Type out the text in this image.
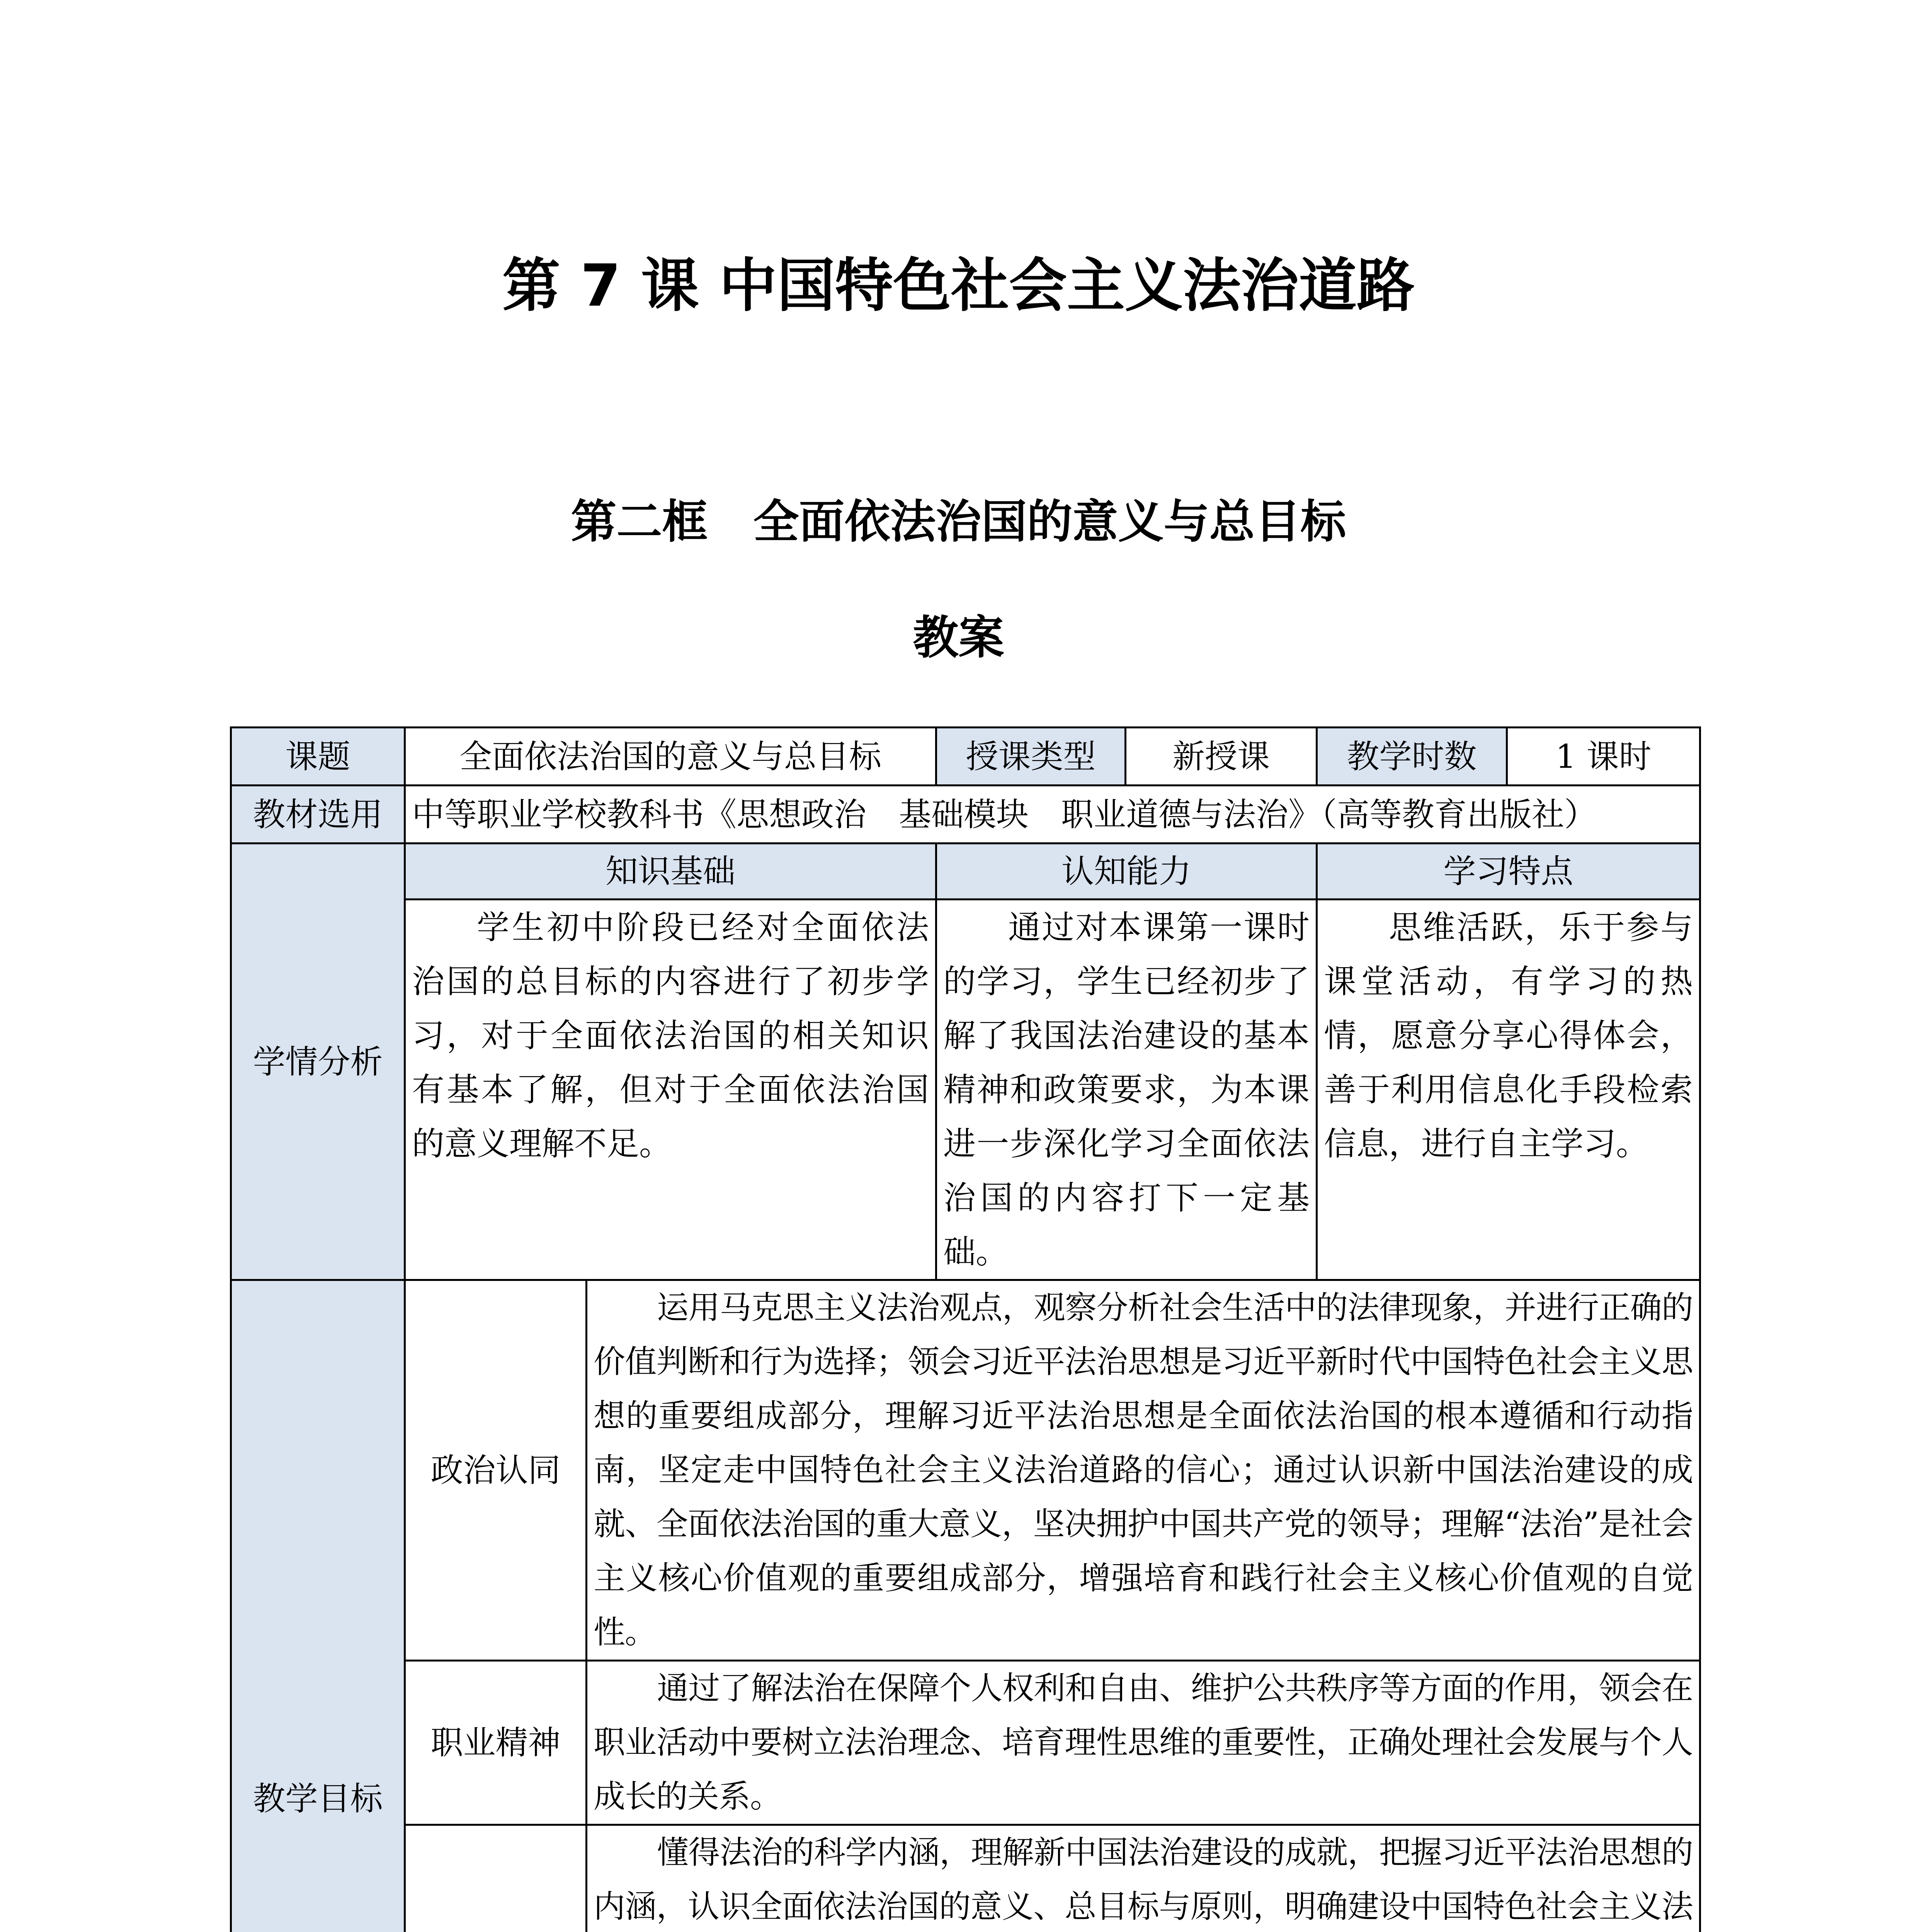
第 7 课 中国特色社会主义法治道路
第二框　全面依法治国的意义与总目标
教案
课题	全面依法治国的意义与总目标		授课类型	新授课	教学时数	1 课时
教材选用	中等职业学校教科书《思想政治　基础模块　职业道德与法治》（高等教育出版社）					
学情分析	知识基础		认知能力		学习特点	
	学生初中阶段已经对全面依法治国的总目标的内容进行了初步学习，对于全面依法治国的相关知识有基本了解，但对于全面依法治国的意义理解不足。		通过对本课第一课时的学习，学生已经初步了解了我国法治建设的基本精神和政策要求，为本课进一步深化学习全面依法治国的内容打下一定基础。		思维活跃，乐于参与课堂活动，有学习的热情，愿意分享心得体会，善于利用信息化手段检索信息，进行自主学习。	
教学目标	政治认同	运用马克思主义法治观点，观察分析社会生活中的法律现象，并进行正确的价值判断和行为选择；领会习近平法治思想是习近平新时代中国特色社会主义思想的重要组成部分，理解习近平法治思想是全面依法治国的根本遵循和行动指南，坚定走中国特色社会主义法治道路的信心；通过认识新中国法治建设的成就、全面依法治国的重大意义，坚决拥护中国共产党的领导；理解“法治”是社会主义核心价值观的重要组成部分，增强培育和践行社会主义核心价值观的自觉性。				
	职业精神	通过了解法治在保障个人权利和自由、维护公共秩序等方面的作用，领会在职业活动中要树立法治理念、培育理性思维的重要性，正确处理社会发展与个人成长的关系。				
	懂得法治的科学内涵，理解新中国法治建设的成就，把握习近平法治思想的内涵，认识全面依法治国的意义、总目标与原则，明确建设中国特色社会主义法				
